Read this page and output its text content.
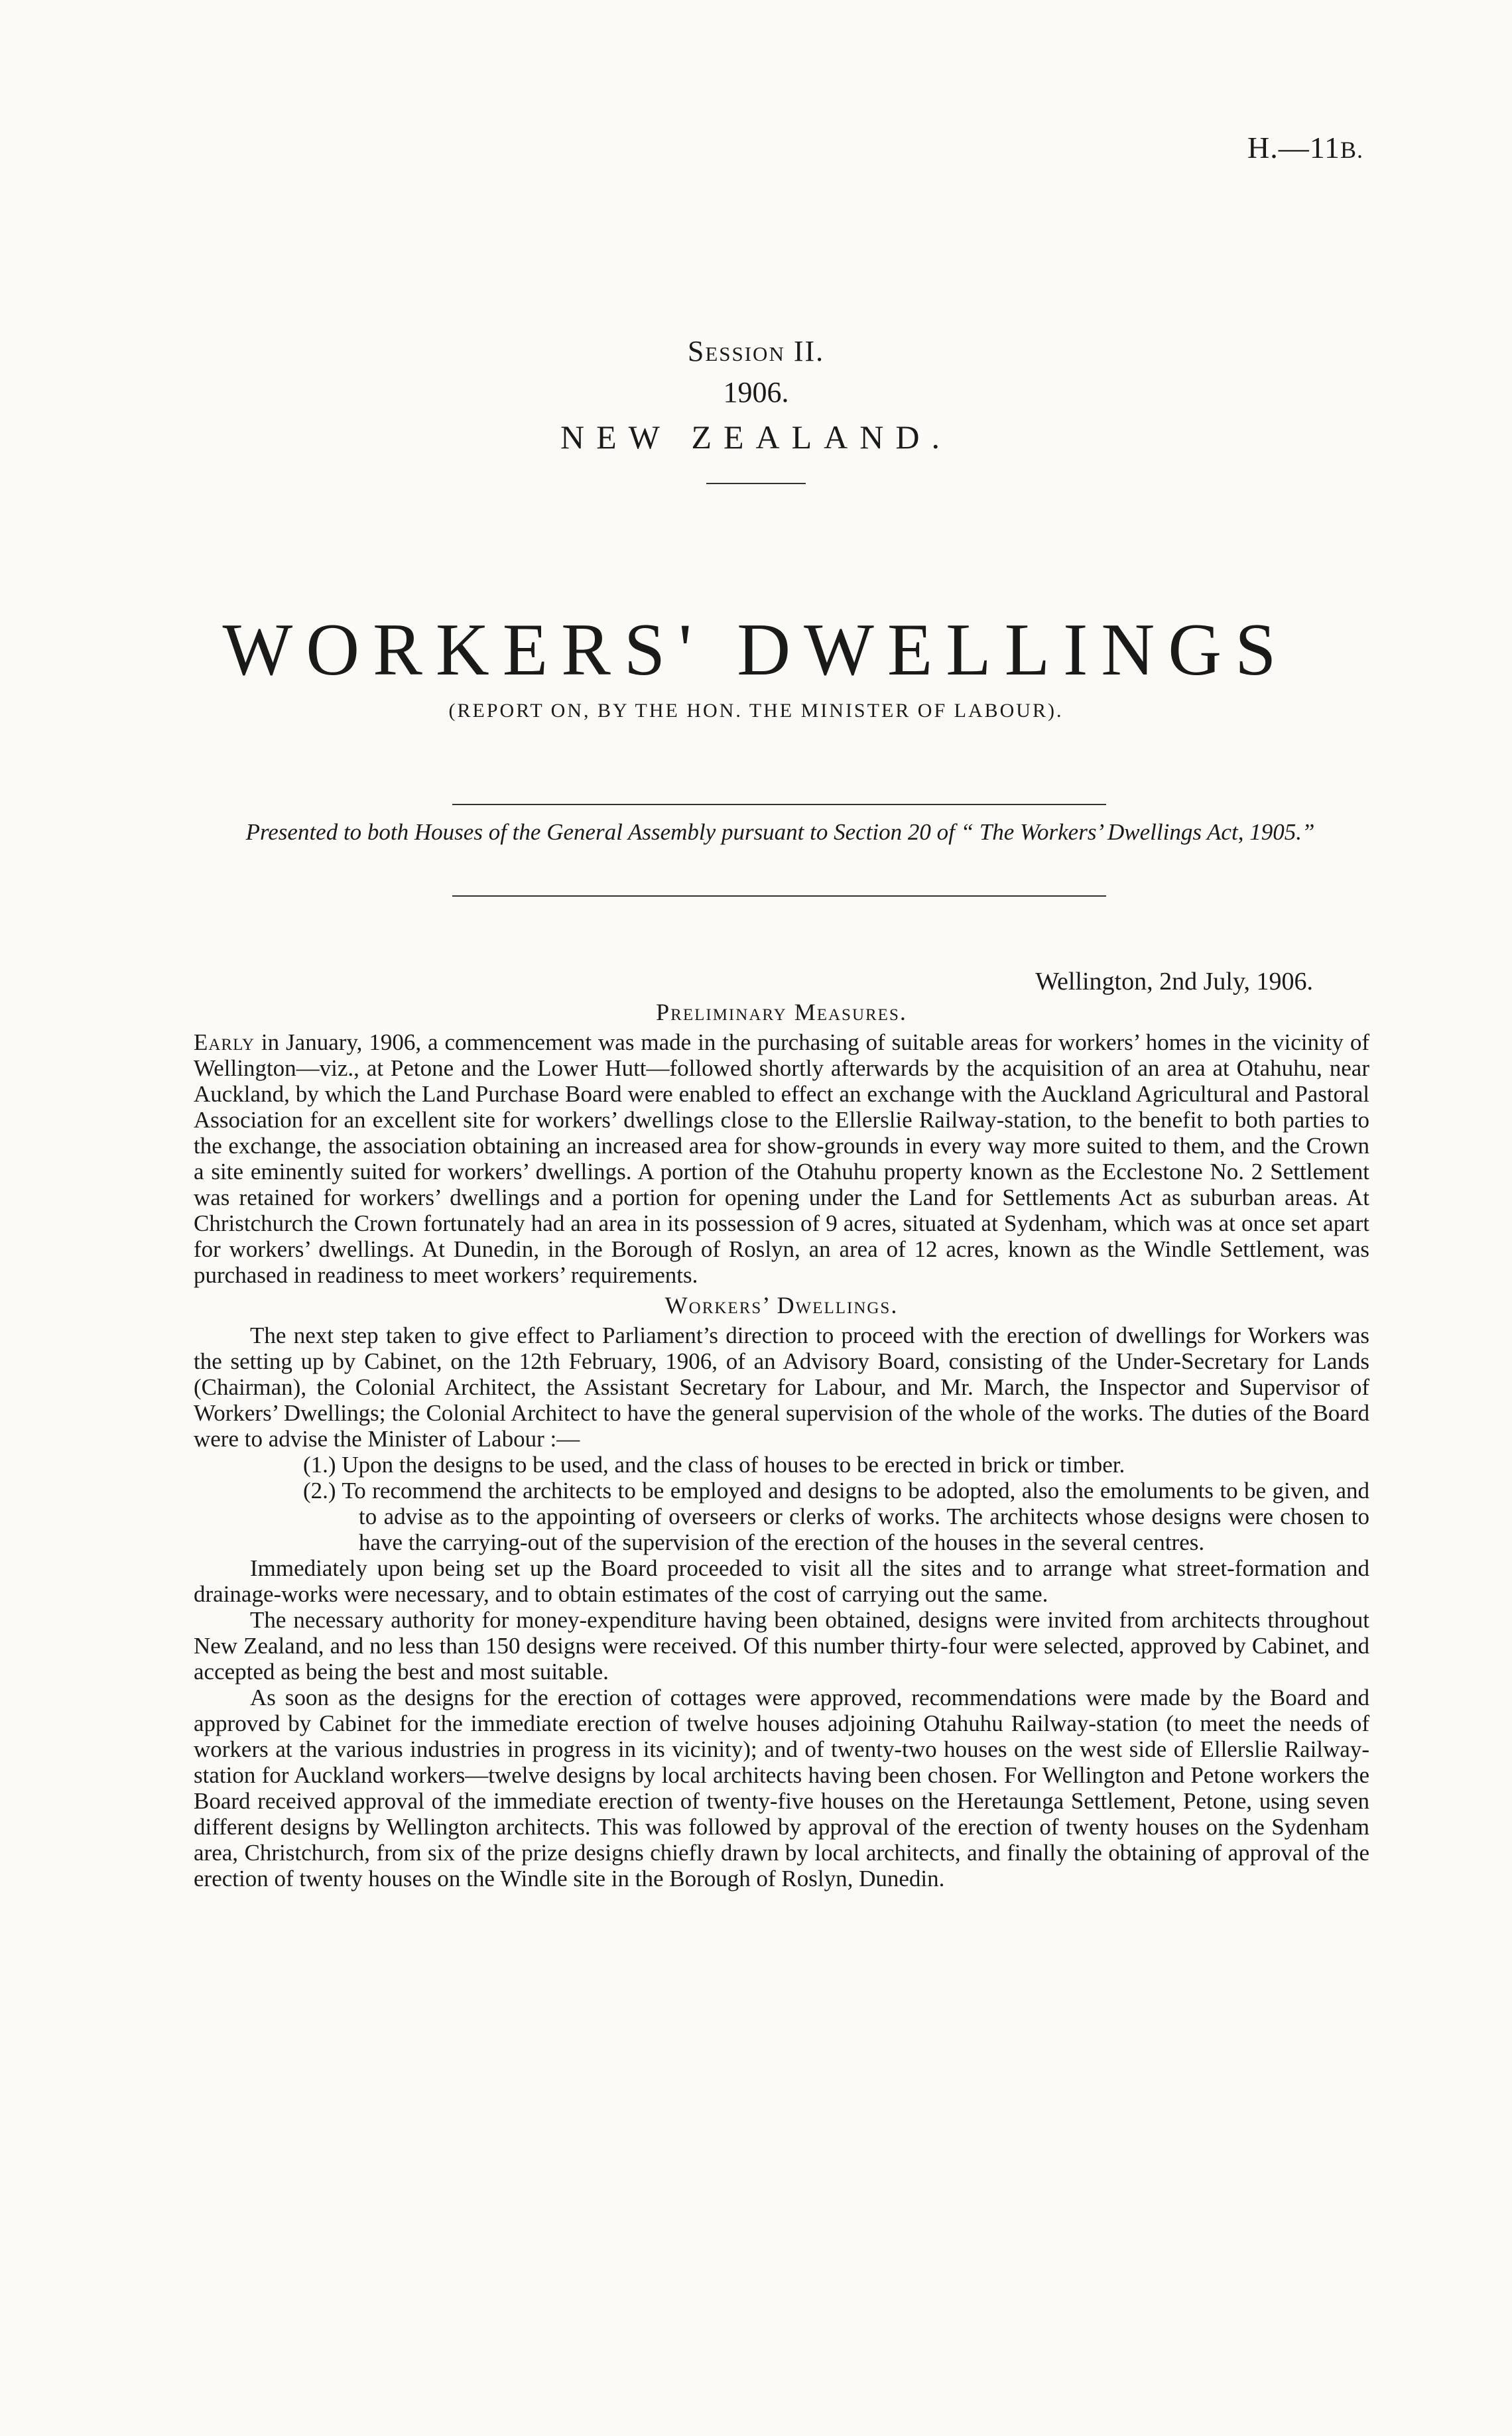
H.—11B.
Session II.
1906.
NEW ZEALAND.
WORKERS' DWELLINGS
(REPORT ON, BY THE HON. THE MINISTER OF LABOUR).
Presented to both Houses of the General Assembly pursuant to Section 20 of “ The Workers’ Dwellings Act, 1905.”
Wellington, 2nd July, 1906.
Preliminary Measures.

Early in January, 1906, a commencement was made in the purchasing of suitable areas for workers’ homes in the vicinity of Wellington—viz., at Petone and the Lower Hutt—followed shortly afterwards by the acquisition of an area at Otahuhu, near Auckland, by which the Land Purchase Board were enabled to effect an exchange with the Auckland Agricultural and Pastoral Association for an excellent site for workers’ dwellings close to the Ellerslie Railway-station, to the benefit to both parties to the exchange, the association obtaining an increased area for show-grounds in every way more suited to them, and the Crown a site eminently suited for workers’ dwellings. A portion of the Otahuhu property known as the Ecclestone No. 2 Settlement was retained for workers’ dwellings and a portion for opening under the Land for Settlements Act as suburban areas. At Christchurch the Crown fortunately had an area in its possession of 9 acres, situated at Sydenham, which was at once set apart for workers’ dwellings. At Dunedin, in the Borough of Roslyn, an area of 12 acres, known as the Windle Settlement, was purchased in readiness to meet workers’ requirements.

Workers’ Dwellings.

The next step taken to give effect to Parliament’s direction to proceed with the erection of dwellings for Workers was the setting up by Cabinet, on the 12th February, 1906, of an Advisory Board, consisting of the Under-Secretary for Lands (Chairman), the Colonial Architect, the Assistant Secretary for Labour, and Mr. March, the Inspector and Supervisor of Workers’ Dwellings; the Colonial Architect to have the general supervision of the whole of the works. The duties of the Board were to advise the Minister of Labour :—

(1.) Upon the designs to be used, and the class of houses to be erected in brick or timber.
(2.) To recommend the architects to be employed and designs to be adopted, also the emoluments to be given, and to advise as to the appointing of overseers or clerks of works. The architects whose designs were chosen to have the carrying-out of the supervision of the erection of the houses in the several centres.

Immediately upon being set up the Board proceeded to visit all the sites and to arrange what street-formation and drainage-works were necessary, and to obtain estimates of the cost of carrying out the same.

The necessary authority for money-expenditure having been obtained, designs were invited from architects throughout New Zealand, and no less than 150 designs were received. Of this number thirty-four were selected, approved by Cabinet, and accepted as being the best and most suitable.

As soon as the designs for the erection of cottages were approved, recommendations were made by the Board and approved by Cabinet for the immediate erection of twelve houses adjoining Otahuhu Railway-station (to meet the needs of workers at the various industries in progress in its vicinity); and of twenty-two houses on the west side of Ellerslie Railway-station for Auckland workers—twelve designs by local architects having been chosen. For Wellington and Petone workers the Board received approval of the immediate erection of twenty-five houses on the Heretaunga Settlement, Petone, using seven different designs by Wellington architects. This was followed by approval of the erection of twenty houses on the Sydenham area, Christchurch, from six of the prize designs chiefly drawn by local architects, and finally the obtaining of approval of the erection of twenty houses on the Windle site in the Borough of Roslyn, Dunedin.
